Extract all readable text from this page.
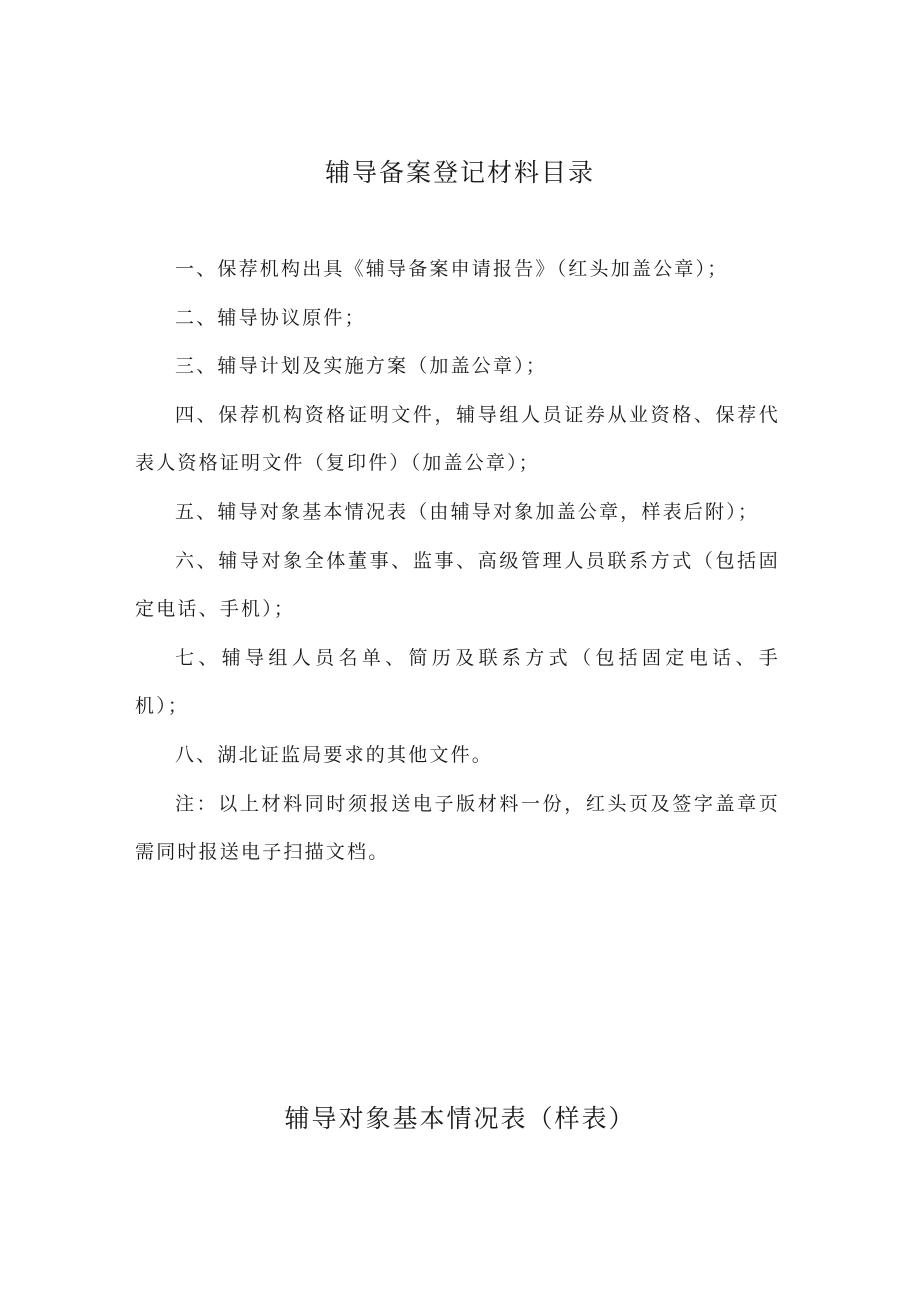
辅导备案登记材料目录
一、保荐机构出具《辅导备案申请报告》（红头加盖公章）；
二、辅导协议原件；
三、辅导计划及实施方案（加盖公章）；
四、保荐机构资格证明文件，辅导组人员证券从业资格、保荐代表人资格证明文件（复印件）（加盖公章）；
五、辅导对象基本情况表（由辅导对象加盖公章，样表后附）；
六、辅导对象全体董事、监事、高级管理人员联系方式（包括固定电话、手机）；
七、辅导组人员名单、简历及联系方式（包括固定电话、手机）；
八、湖北证监局要求的其他文件。
注：以上材料同时须报送电子版材料一份，红头页及签字盖章页需同时报送电子扫描文档。
辅导对象基本情况表（样表）
